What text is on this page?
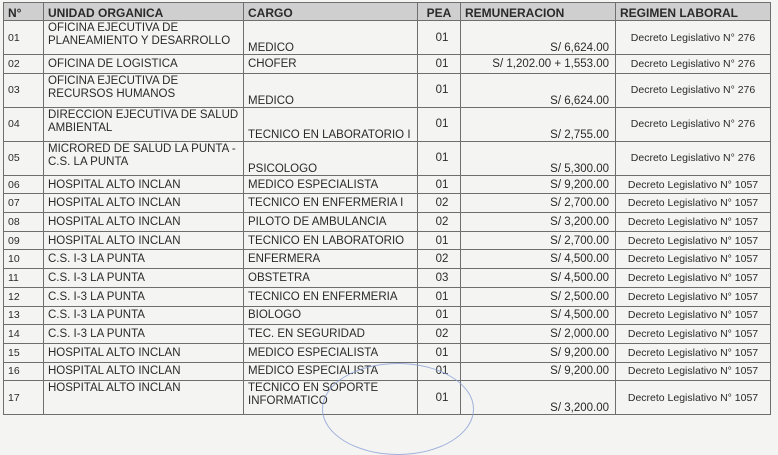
N°	UNIDAD ORGANICA	CARGO	PEA	REMUNERACION	REGIMEN LABORAL
01	OFICINA EJECUTIVA DE PLANEAMIENTO Y DESARROLLO	MEDICO	01	S/ 6,624.00	Decreto Legislativo N° 276
02	OFICINA DE LOGISTICA	CHOFER	01	S/ 1,202.00 + 1,553.00	Decreto Legislativo N° 276
03	OFICINA EJECUTIVA DE RECURSOS HUMANOS	MEDICO	01	S/ 6,624.00	Decreto Legislativo N° 276
04	DIRECCION EJECUTIVA DE SALUD AMBIENTAL	TECNICO EN LABORATORIO I	01	S/ 2,755.00	Decreto Legislativo N° 276
05	MICRORED DE SALUD LA PUNTA - C.S. LA PUNTA	PSICOLOGO	01	S/ 5,300.00	Decreto Legislativo N° 276
06	HOSPITAL ALTO INCLAN	MEDICO ESPECIALISTA	01	S/ 9,200.00	Decreto Legislativo N° 1057
07	HOSPITAL ALTO INCLAN	TECNICO EN ENFERMERIA I	02	S/ 2,700.00	Decreto Legislativo N° 1057
08	HOSPITAL ALTO INCLAN	PILOTO DE AMBULANCIA	02	S/ 3,200.00	Decreto Legislativo N° 1057
09	HOSPITAL ALTO INCLAN	TECNICO EN LABORATORIO	01	S/ 2,700.00	Decreto Legislativo N° 1057
10	C.S. I-3 LA PUNTA	ENFERMERA	02	S/ 4,500.00	Decreto Legislativo N° 1057
11	C.S. I-3 LA PUNTA	OBSTETRA	03	S/ 4,500.00	Decreto Legislativo N° 1057
12	C.S. I-3 LA PUNTA	TECNICO EN ENFERMERIA	01	S/ 2,500.00	Decreto Legislativo N° 1057
13	C.S. I-3 LA PUNTA	BIOLOGO	01	S/ 4,500.00	Decreto Legislativo N° 1057
14	C.S. I-3 LA PUNTA	TEC. EN SEGURIDAD	02	S/ 2,000.00	Decreto Legislativo N° 1057
15	HOSPITAL ALTO INCLAN	MEDICO ESPECIALISTA	01	S/ 9,200.00	Decreto Legislativo N° 1057
16	HOSPITAL ALTO INCLAN	MEDICO ESPECIALISTA	01	S/ 9,200.00	Decreto Legislativo N° 1057
17	HOSPITAL ALTO INCLAN	TECNICO EN SOPORTE INFORMATICO	01	S/ 3,200.00	Decreto Legislativo N° 1057
